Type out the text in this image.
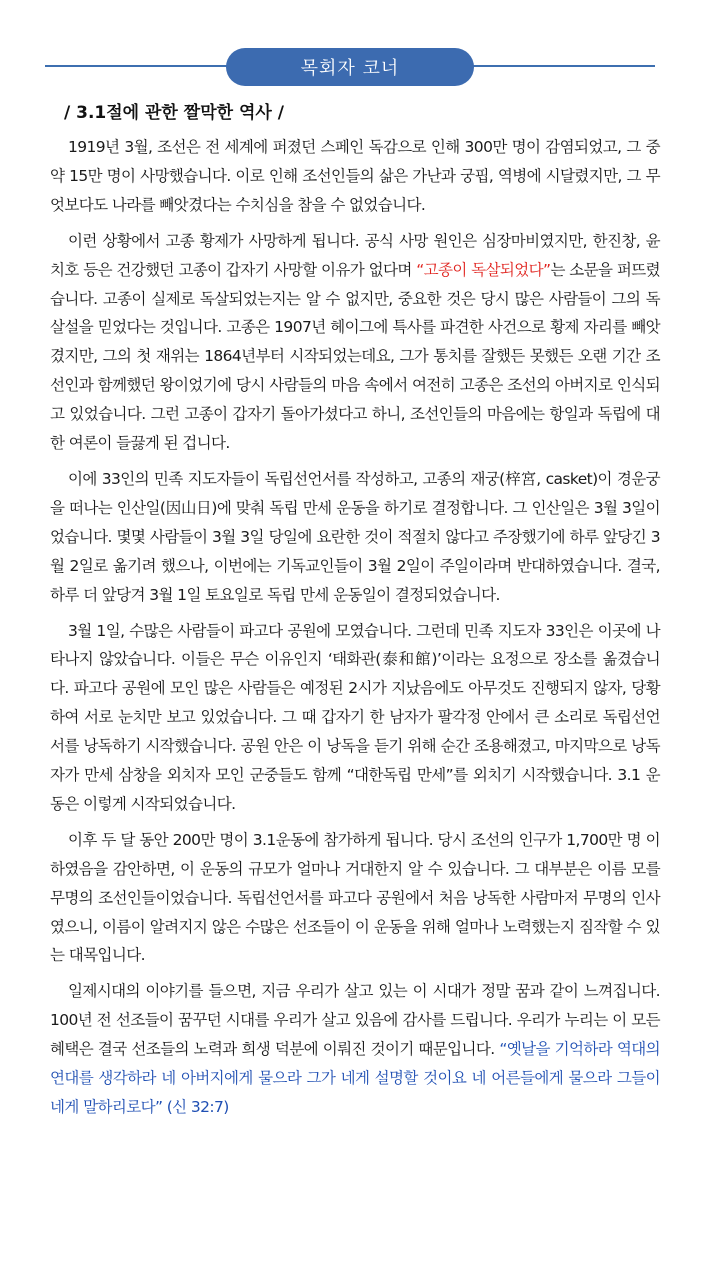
목회자 코너
/ 3.1절에 관한 짤막한 역사 /

1919년 3월, 조선은 전 세계에 퍼졌던 스페인 독감으로 인해 300만 명이 감염되었고, 그 중 약 15만 명이 사망했습니다. 이로 인해 조선인들의 삶은 가난과 궁핍, 역병에 시달렸지만, 그 무엇보다도 나라를 빼앗겼다는 수치심을 참을 수 없었습니다.

이런 상황에서 고종 황제가 사망하게 됩니다. 공식 사망 원인은 심장마비였지만, 한진창, 윤치호 등은 건강했던 고종이 갑자기 사망할 이유가 없다며 “고종이 독살되었다”는 소문을 퍼뜨렸습니다. 고종이 실제로 독살되었는지는 알 수 없지만, 중요한 것은 당시 많은 사람들이 그의 독살설을 믿었다는 것입니다. 고종은 1907년 헤이그에 특사를 파견한 사건으로 황제 자리를 빼앗겼지만, 그의 첫 재위는 1864년부터 시작되었는데요, 그가 통치를 잘했든 못했든 오랜 기간 조선인과 함께했던 왕이었기에 당시 사람들의 마음 속에서 여전히 고종은 조선의 아버지로 인식되고 있었습니다. 그런 고종이 갑자기 돌아가셨다고 하니, 조선인들의 마음에는 항일과 독립에 대한 여론이 들끓게 된 겁니다.

이에 33인의 민족 지도자들이 독립선언서를 작성하고, 고종의 재궁(梓宮, casket)이 경운궁을 떠나는 인산일(因山日)에 맞춰 독립 만세 운동을 하기로 결정합니다. 그 인산일은 3월 3일이었습니다. 몇몇 사람들이 3월 3일 당일에 요란한 것이 적절치 않다고 주장했기에 하루 앞당긴 3월 2일로 옮기려 했으나, 이번에는 기독교인들이 3월 2일이 주일이라며 반대하였습니다. 결국, 하루 더 앞당겨 3월 1일 토요일로 독립 만세 운동일이 결정되었습니다.

3월 1일, 수많은 사람들이 파고다 공원에 모였습니다. 그런데 민족 지도자 33인은 이곳에 나타나지 않았습니다. 이들은 무슨 이유인지 ‘태화관(泰和館)’이라는 요정으로 장소를 옮겼습니다. 파고다 공원에 모인 많은 사람들은 예정된 2시가 지났음에도 아무것도 진행되지 않자, 당황하여 서로 눈치만 보고 있었습니다. 그 때 갑자기 한 남자가 팔각정 안에서 큰 소리로 독립선언서를 낭독하기 시작했습니다. 공원 안은 이 낭독을 듣기 위해 순간 조용해졌고, 마지막으로 낭독자가 만세 삼창을 외치자 모인 군중들도 함께 “대한독립 만세”를 외치기 시작했습니다. 3.1 운동은 이렇게 시작되었습니다.

이후 두 달 동안 200만 명이 3.1운동에 참가하게 됩니다. 당시 조선의 인구가 1,700만 명 이하였음을 감안하면, 이 운동의 규모가 얼마나 거대한지 알 수 있습니다. 그 대부분은 이름 모를 무명의 조선인들이었습니다. 독립선언서를 파고다 공원에서 처음 낭독한 사람마저 무명의 인사였으니, 이름이 알려지지 않은 수많은 선조들이 이 운동을 위해 얼마나 노력했는지 짐작할 수 있는 대목입니다.

일제시대의 이야기를 들으면, 지금 우리가 살고 있는 이 시대가 정말 꿈과 같이 느껴집니다. 100년 전 선조들이 꿈꾸던 시대를 우리가 살고 있음에 감사를 드립니다. 우리가 누리는 이 모든 혜택은 결국 선조들의 노력과 희생 덕분에 이뤄진 것이기 때문입니다. “옛날을 기억하라 역대의 연대를 생각하라 네 아버지에게 물으라 그가 네게 설명할 것이요 네 어른들에게 물으라 그들이 네게 말하리로다” (신 32:7)
